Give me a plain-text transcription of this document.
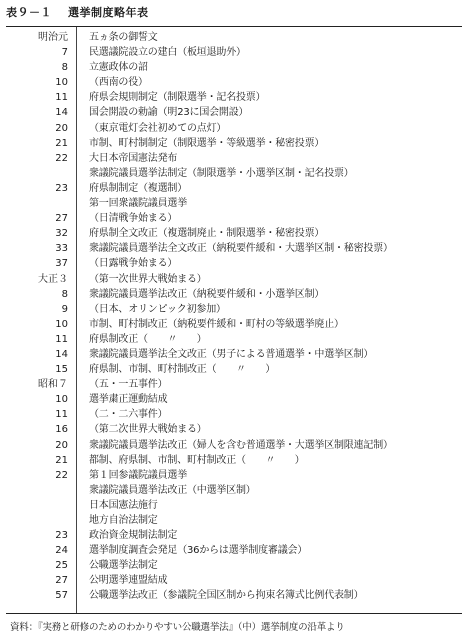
表９－１ 選挙制度略年表
明治元 五ヵ条の御誓文
7 民選議院設立の建白（板垣退助外）
8 立憲政体の詔
10 （西南の役）
11 府県会規則制定（制限選挙・記名投票）
14 国会開設の勅諭（明23に国会開設）
20 （東京電灯会社初めての点灯）
21 市制、町村制制定（制限選挙・等級選挙・秘密投票）
22 大日本帝国憲法発布
衆議院議員選挙法制定（制限選挙・小選挙区制・記名投票）
23 府県制制定（複選制）
第一回衆議院議員選挙
27 （日清戦争始まる）
32 府県制全文改正（複選制廃止・制限選挙・秘密投票）
33 衆議院議員選挙法全文改正（納税要件緩和・大選挙区制・秘密投票）
37 （日露戦争始まる）
大正３ （第一次世界大戦始まる）
8 衆議院議員選挙法改正（納税要件緩和・小選挙区制）
9 （日本、オリンピック初参加）
10 市制、町村制改正（納税要件緩和・町村の等級選挙廃止）
11 府県制改正（　　〃　　）
14 衆議院議員選挙法全文改正（男子による普通選挙・中選挙区制）
15 府県制、市制、町村制改正（　　〃　　）
昭和７ （五・一五事件）
10 選挙粛正運動結成
11 （二・二六事件）
16 （第二次世界大戦始まる）
20 衆議院議員選挙法改正（婦人を含む普通選挙・大選挙区制限連記制）
21 都制、府県制、市制、町村制改正（　　〃　　）
22 第１回参議院議員選挙
衆議院議員選挙法改正（中選挙区制）
日本国憲法施行
地方自治法制定
23 政治資金規制法制定
24 選挙制度調査会発足（36からは選挙制度審議会）
25 公職選挙法制定
27 公明選挙連盟結成
57 公職選挙法改正（参議院全国区制から拘束名簿式比例代表制）
資料：『実務と研修のためのわかりやすい公職選挙法』（中）選挙制度の沿革より
